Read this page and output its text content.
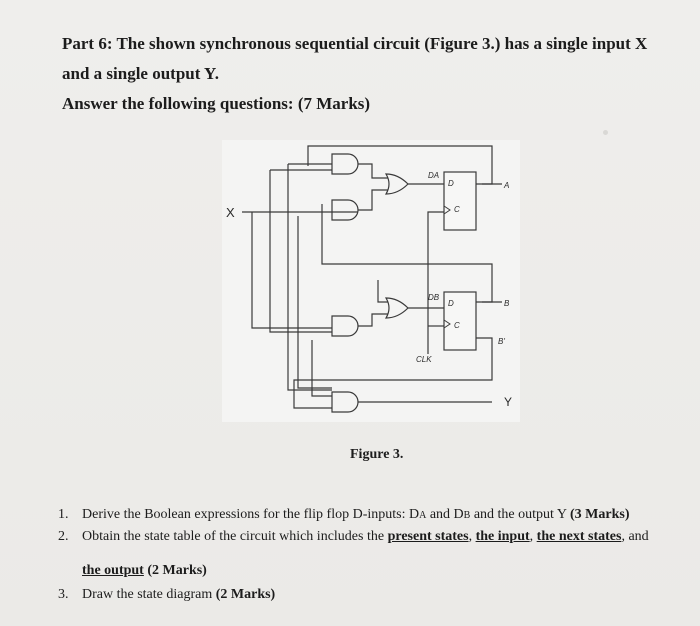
Part 6: The shown synchronous sequential circuit (Figure 3.) has a single input X
and a single output Y.
Answer the following questions: (7 Marks)
X
DA
D
C
A
DB
D
C
B
B'
CLK
Y
Figure 3.
1. Derive the Boolean expressions for the flip flop D-inputs: DA and DB and the output Y (3 Marks)
2. Obtain the state table of the circuit which includes the present states, the input, the next states, and
the output (2 Marks)
3. Draw the state diagram (2 Marks)
